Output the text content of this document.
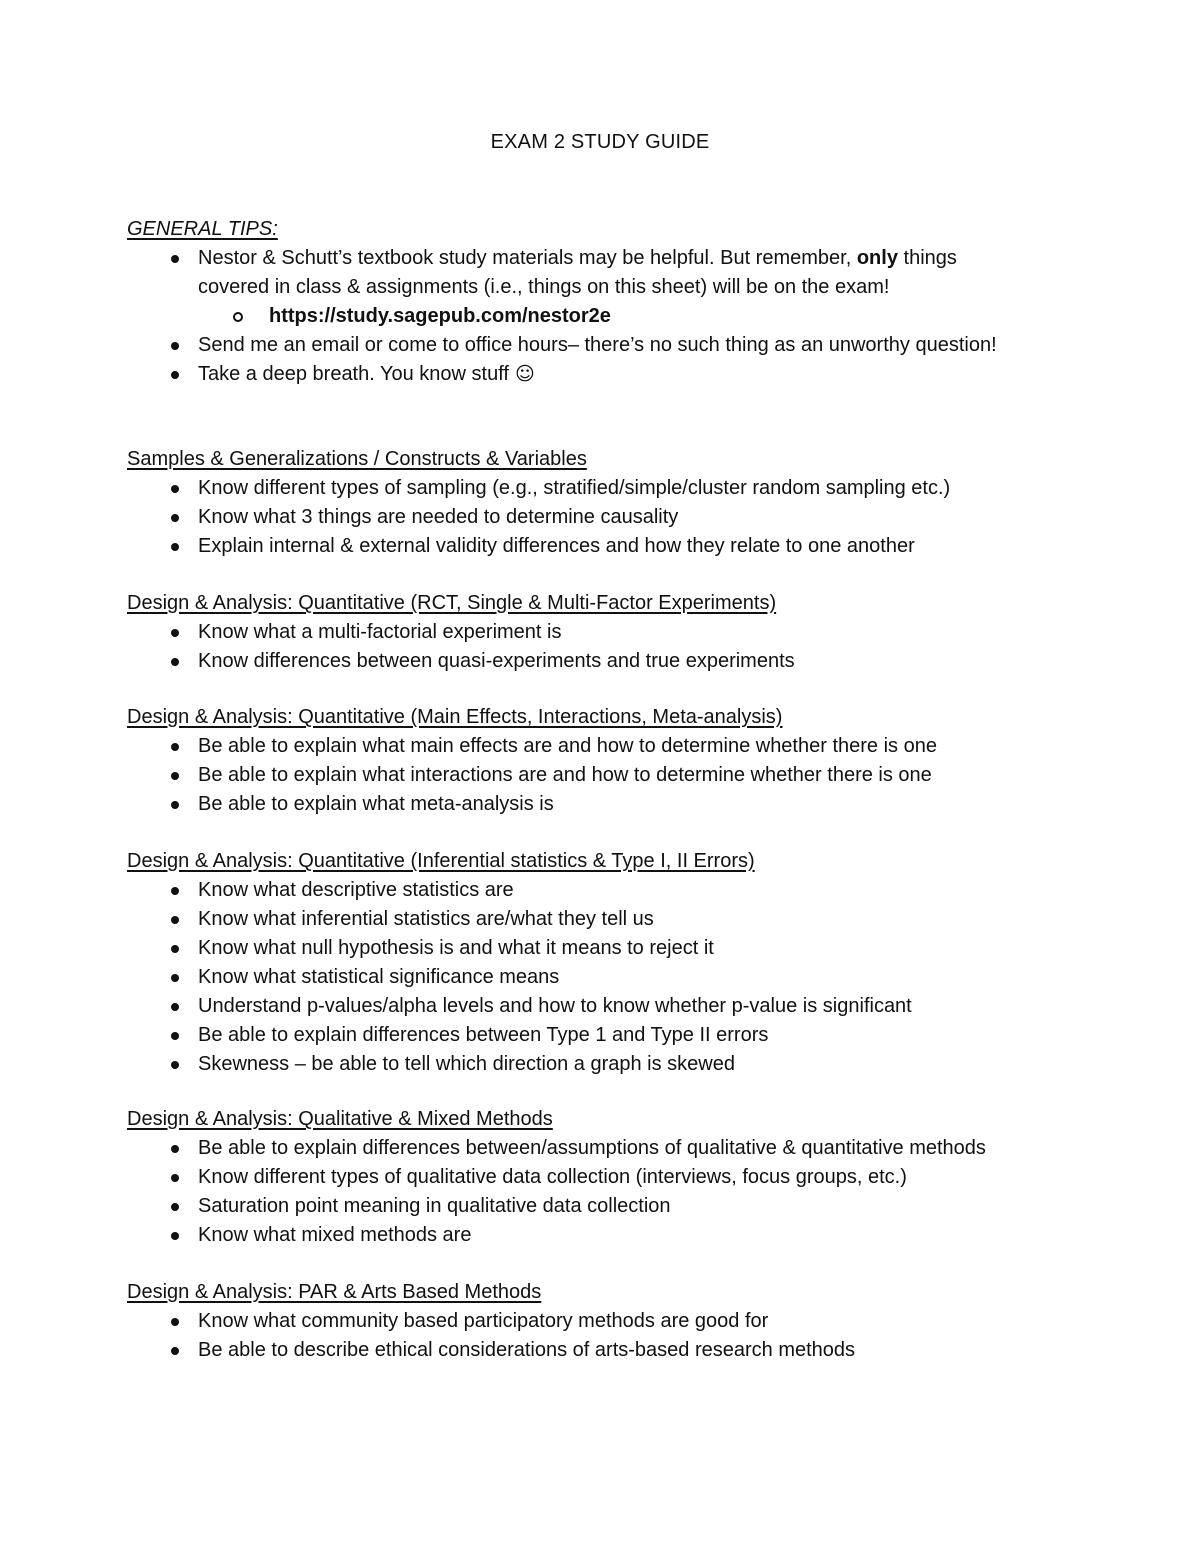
EXAM 2 STUDY GUIDE
GENERAL TIPS:
Nestor & Schutt’s textbook study materials may be helpful. But remember, only things
covered in class & assignments (i.e., things on this sheet) will be on the exam!
https://study.sagepub.com/nestor2e
Send me an email or come to office hours– there’s no such thing as an unworthy question!
Take a deep breath. You know stuff ☺
Samples & Generalizations / Constructs & Variables
Know different types of sampling (e.g., stratified/simple/cluster random sampling etc.)
Know what 3 things are needed to determine causality
Explain internal & external validity differences and how they relate to one another
Design & Analysis: Quantitative (RCT, Single & Multi-Factor Experiments)
Know what a multi-factorial experiment is
Know differences between quasi-experiments and true experiments
Design & Analysis: Quantitative (Main Effects, Interactions, Meta-analysis)
Be able to explain what main effects are and how to determine whether there is one
Be able to explain what interactions are and how to determine whether there is one
Be able to explain what meta-analysis is
Design & Analysis: Quantitative (Inferential statistics & Type I, II Errors)
Know what descriptive statistics are
Know what inferential statistics are/what they tell us
Know what null hypothesis is and what it means to reject it
Know what statistical significance means
Understand p-values/alpha levels and how to know whether p-value is significant
Be able to explain differences between Type 1 and Type II errors
Skewness – be able to tell which direction a graph is skewed
Design & Analysis: Qualitative & Mixed Methods
Be able to explain differences between/assumptions of qualitative & quantitative methods
Know different types of qualitative data collection (interviews, focus groups, etc.)
Saturation point meaning in qualitative data collection
Know what mixed methods are
Design & Analysis: PAR & Arts Based Methods
Know what community based participatory methods are good for
Be able to describe ethical considerations of arts-based research methods
